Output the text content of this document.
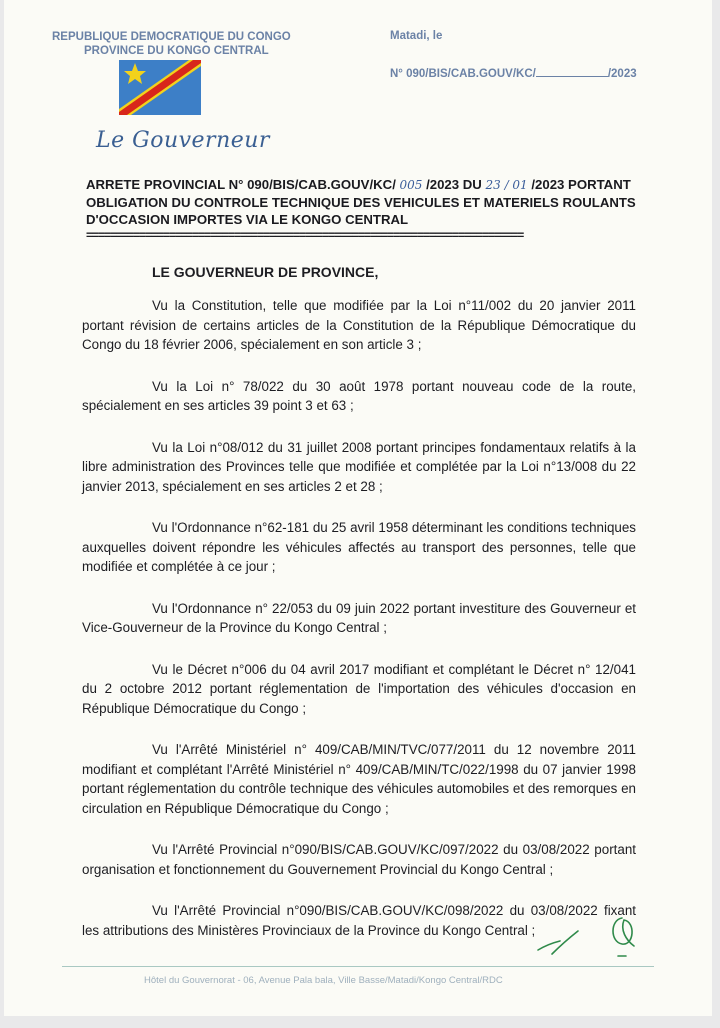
REPUBLIQUE DEMOCRATIQUE DU CONGO
PROVINCE DU KONGO CENTRAL
Le Gouverneur
Matadi, le
N° 090/BIS/CAB.GOUV/KC/	/2023
ARRETE PROVINCIAL N° 090/BIS/CAB.GOUV/KC/ 005 /2023 DU 23 / 01 /2023 PORTANT OBLIGATION DU CONTROLE TECHNIQUE DES VEHICULES ET MATERIELS ROULANTS D'OCCASION IMPORTES VIA LE KONGO CENTRAL
==========================================================================
LE GOUVERNEUR DE PROVINCE,

Vu la Constitution, telle que modifiée par la Loi n°11/002 du 20 janvier 2011 portant révision de certains articles de la Constitution de la République Démocratique du Congo du 18 février 2006, spécialement en son article 3 ;

Vu la Loi n° 78/022 du 30 août 1978 portant nouveau code de la route, spécialement en ses articles 39 point 3 et 63 ;

Vu la Loi n°08/012 du 31 juillet 2008 portant principes fondamentaux relatifs à la libre administration des Provinces telle que modifiée et complétée par la Loi n°13/008 du 22 janvier 2013, spécialement en ses articles 2 et 28 ;

Vu l'Ordonnance n°62-181 du 25 avril 1958 déterminant les conditions techniques auxquelles doivent répondre les véhicules affectés au transport des personnes, telle que modifiée et complétée à ce jour ;

Vu l'Ordonnance n° 22/053 du 09 juin 2022 portant investiture des Gouverneur et Vice-Gouverneur de la Province du Kongo Central ;

Vu le Décret n°006 du 04 avril 2017 modifiant et complétant le Décret n° 12/041 du 2 octobre 2012 portant réglementation de l'importation des véhicules d'occasion en République Démocratique du Congo ;

Vu l'Arrêté Ministériel n° 409/CAB/MIN/TVC/077/2011 du 12 novembre 2011 modifiant et complétant l'Arrêté Ministériel n° 409/CAB/MIN/TC/022/1998 du 07 janvier 1998 portant réglementation du contrôle technique des véhicules automobiles et des remorques en circulation en République Démocratique du Congo ;

Vu l'Arrêté Provincial n°090/BIS/CAB.GOUV/KC/097/2022 du 03/08/2022 portant organisation et fonctionnement du Gouvernement Provincial du Kongo Central ;

Vu l'Arrêté Provincial n°090/BIS/CAB.GOUV/KC/098/2022 du 03/08/2022 fixant les attributions des Ministères Provinciaux de la Province du Kongo Central ;

Hôtel du Gouvernorat - 06, Avenue Pala bala, Ville Basse/Matadi/Kongo Central/RDC
